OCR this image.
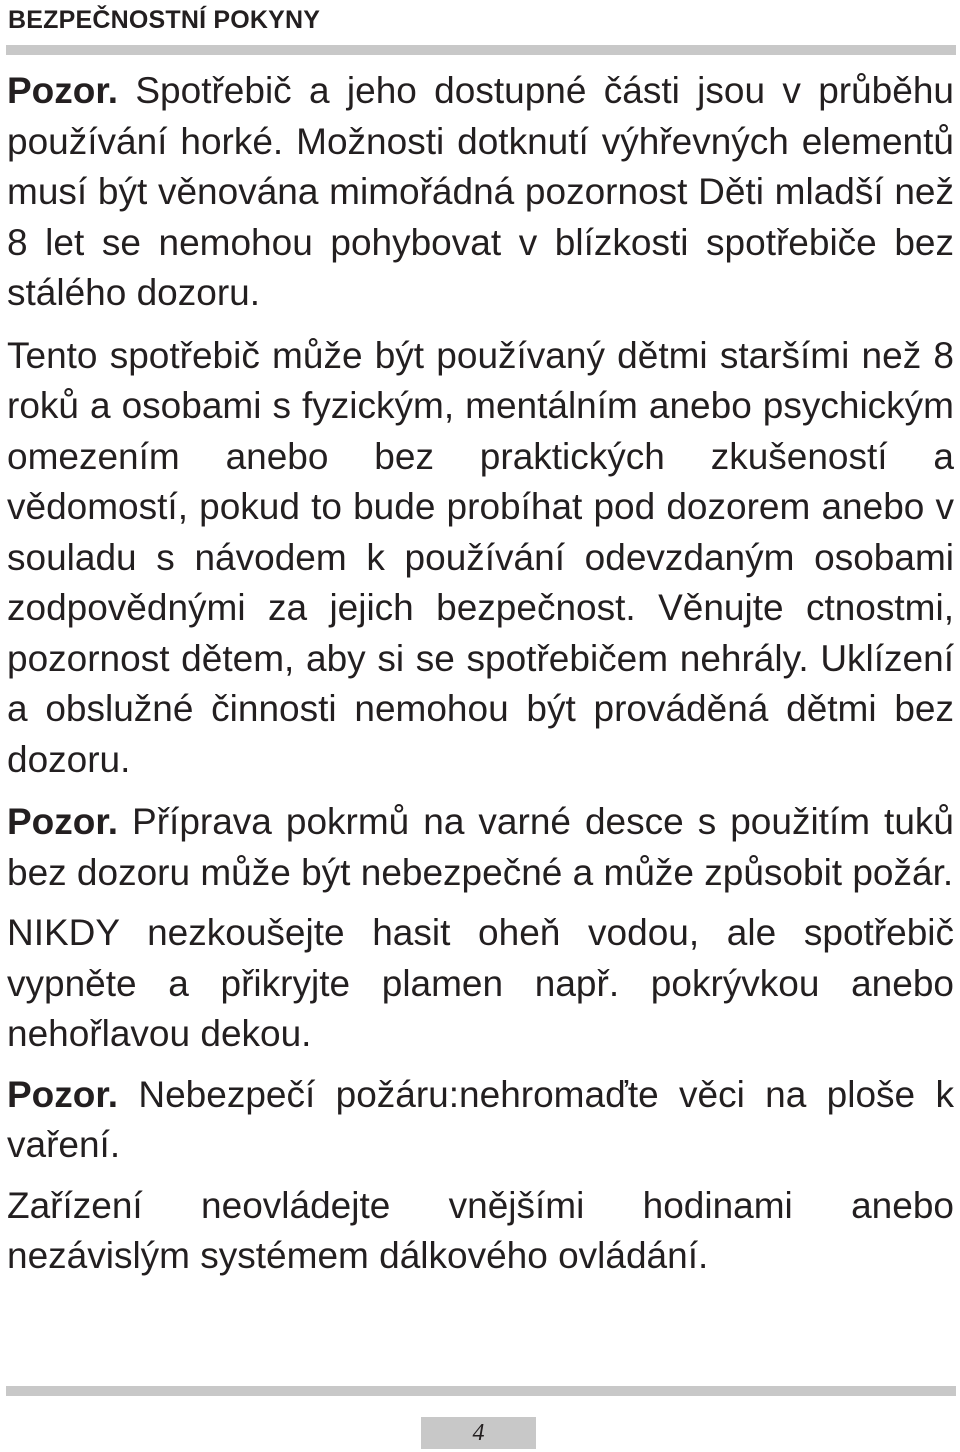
BEZPEČNOSTNÍ POKYNY

Pozor. Spotřebič a jeho dostupné části jsou v průběhu používání horké. Možnosti dotknutí výhřevných elementů musí být věnována mimořádná pozornost Děti mladší než 8 let se nemohou pohybovat v blízkosti spotřebiče bez stálého dozoru.

Tento spotřebič může být používaný dětmi staršími než 8 roků a osobami s fyzickým, mentálním anebo psychickým omezením anebo bez praktických zkušeností a vědomostí, pokud to bude probíhat pod dozorem anebo v souladu s návodem k používání odevzdaným osobami zodpovědnými za jejich bezpečnost. Věnujte ctnostmi, pozornost dětem, aby si se spotřebičem nehrály. Uklízení a obslužné činnosti nemohou být prováděná dětmi bez dozoru.

Pozor. Příprava pokrmů na varné desce s použitím tuků bez dozoru může být nebezpečné a může způsobit požár.

NIKDY nezkoušejte hasit oheň vodou, ale spotřebič vypněte a přikryjte plamen např. pokrývkou anebo nehořlavou dekou.

Pozor. Nebezpečí požáru:nehromaďte věci na ploše k vaření.

Zařízení neovládejte vnějšími hodinami anebo nezávislým systémem dálkového ovládání.

4
